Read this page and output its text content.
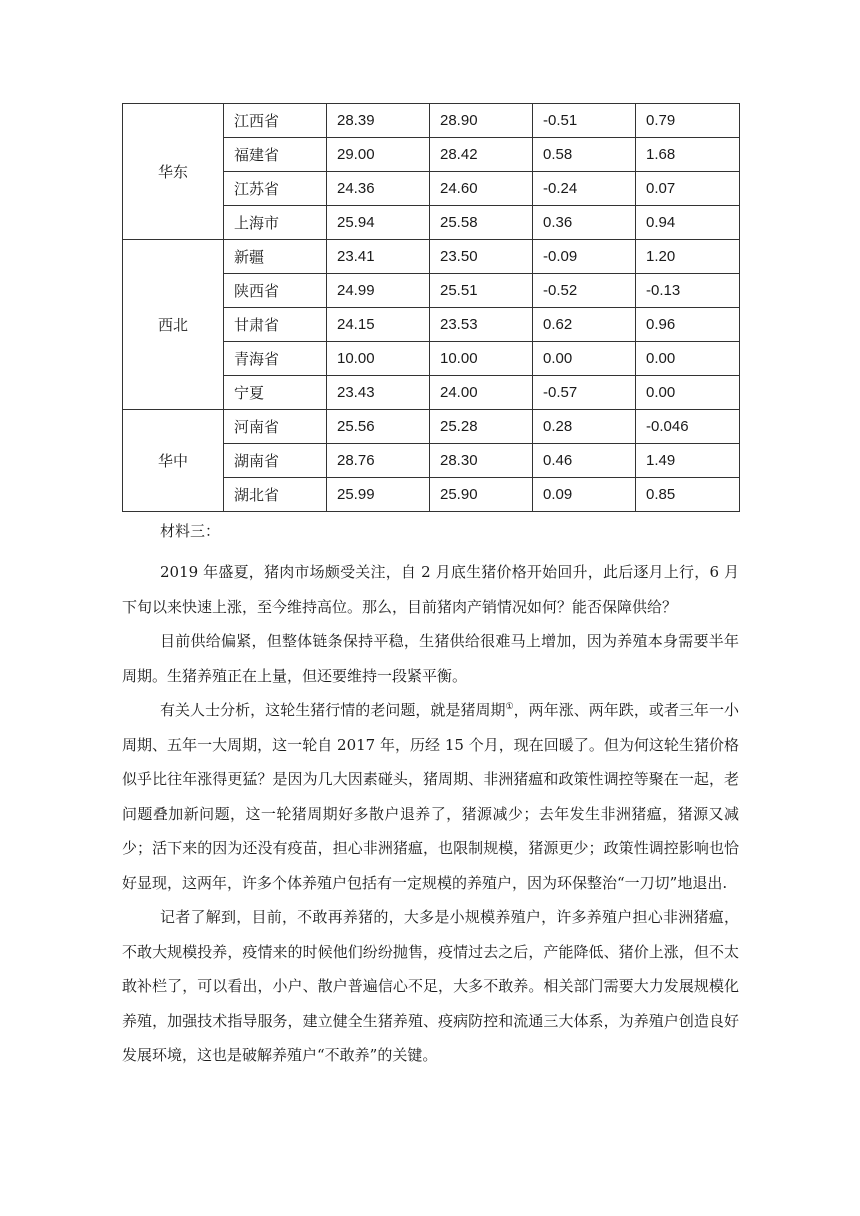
华东	江西省	28.39	28.90	-0.51	0.79
	福建省	29.00	28.42	0.58	1.68
	江苏省	24.36	24.60	-0.24	0.07
	上海市	25.94	25.58	0.36	0.94
西北	新疆	23.41	23.50	-0.09	1.20
	陕西省	24.99	25.51	-0.52	-0.13
	甘肃省	24.15	23.53	0.62	0.96
	青海省	10.00	10.00	0.00	0.00
	宁夏	23.43	24.00	-0.57	0.00
华中	河南省	25.56	25.28	0.28	-0.046
	湖南省	28.76	28.30	0.46	1.49
	湖北省	25.99	25.90	0.09	0.85
材料三：

2019 年盛夏，猪肉市场颇受关注，自 2 月底生猪价格开始回升，此后逐月上行，6 月下旬以来快速上涨，至今维持高位。那么，目前猪肉产销情况如何？能否保障供给？

目前供给偏紧，但整体链条保持平稳，生猪供给很难马上增加，因为养殖本身需要半年周期。生猪养殖正在上量，但还要维持一段紧平衡。

有关人士分析，这轮生猪行情的老问题，就是猪周期①，两年涨、两年跌，或者三年一小周期、五年一大周期，这一轮自 2017 年，历经 15 个月，现在回暖了。但为何这轮生猪价格似乎比往年涨得更猛？是因为几大因素碰头，猪周期、非洲猪瘟和政策性调控等聚在一起，老问题叠加新问题，这一轮猪周期好多散户退养了，猪源减少；去年发生非洲猪瘟，猪源又减少；活下来的因为还没有疫苗，担心非洲猪瘟，也限制规模，猪源更少；政策性调控影响也恰好显现，这两年，许多个体养殖户包括有一定规模的养殖户，因为环保整治“一刀切”地退出.

记者了解到，目前，不敢再养猪的，大多是小规模养殖户，许多养殖户担心非洲猪瘟，不敢大规模投养，疫情来的时候他们纷纷抛售，疫情过去之后，产能降低、猪价上涨，但不太敢补栏了，可以看出，小户、散户普遍信心不足，大多不敢养。相关部门需要大力发展规模化养殖，加强技术指导服务，建立健全生猪养殖、疫病防控和流通三大体系，为养殖户创造良好发展环境，这也是破解养殖户“不敢养”的关键。
